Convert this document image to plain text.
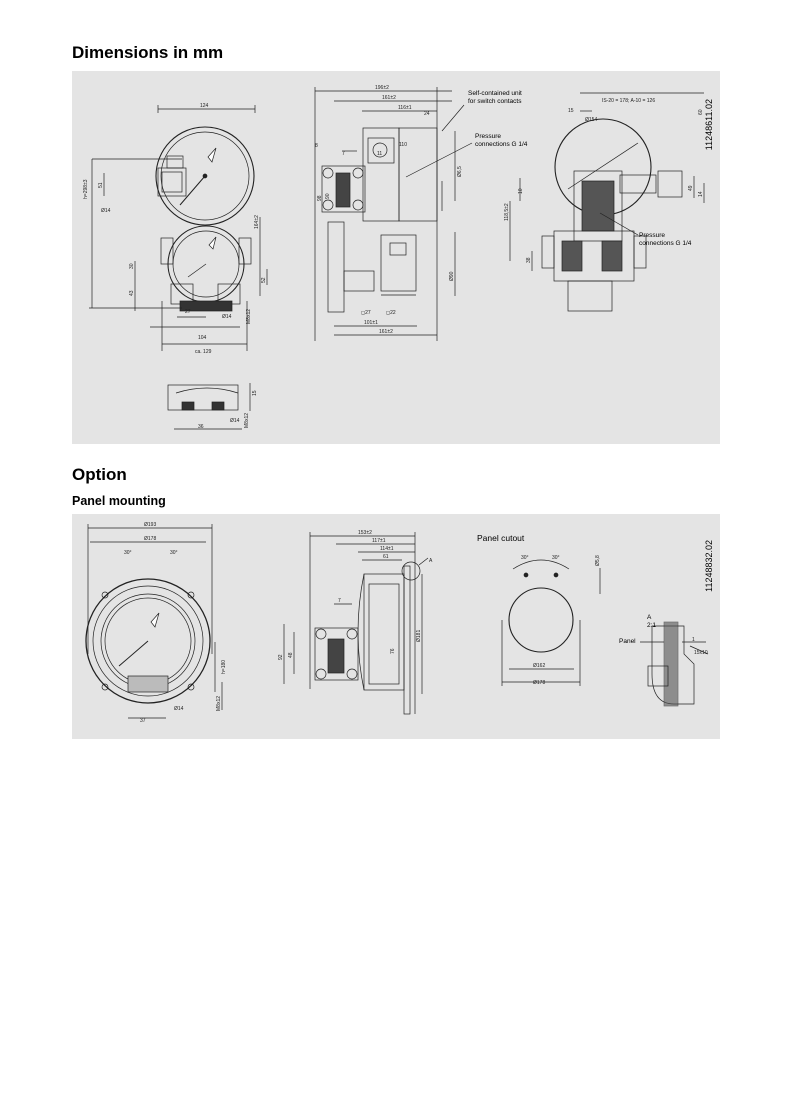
Dimensions in mm
124
h=298±3 51
30
43
164±2
52
M8x12
Ø14
27
104
ca. 129
Ø14
36
Ø14
15
M8x12
196±2
161±2
116±1
24
110
11
7
8
98 90
Ø6,5
Ø90
◻27	◻22
101±1
161±2
IS-20 = 178; A-10 = 126
15
Ø154
10
118,5±2
38
49
14
60
Self-contained unit
for switch contacts
Pressure
connections G 1/4
Pressure
connections G 1/4
11248611.02
Option
Panel mounting
Ø193
Ø178
30°	30°
h=180
M8x12
37
Ø14
153±2
117±1
114±1
61
7
92 48
Ø181
76
A	30°	30°	Ø5,8
Ø162
Ø178
1
15x10
Panel cutout
Panel
A
2:1
11248832.02
